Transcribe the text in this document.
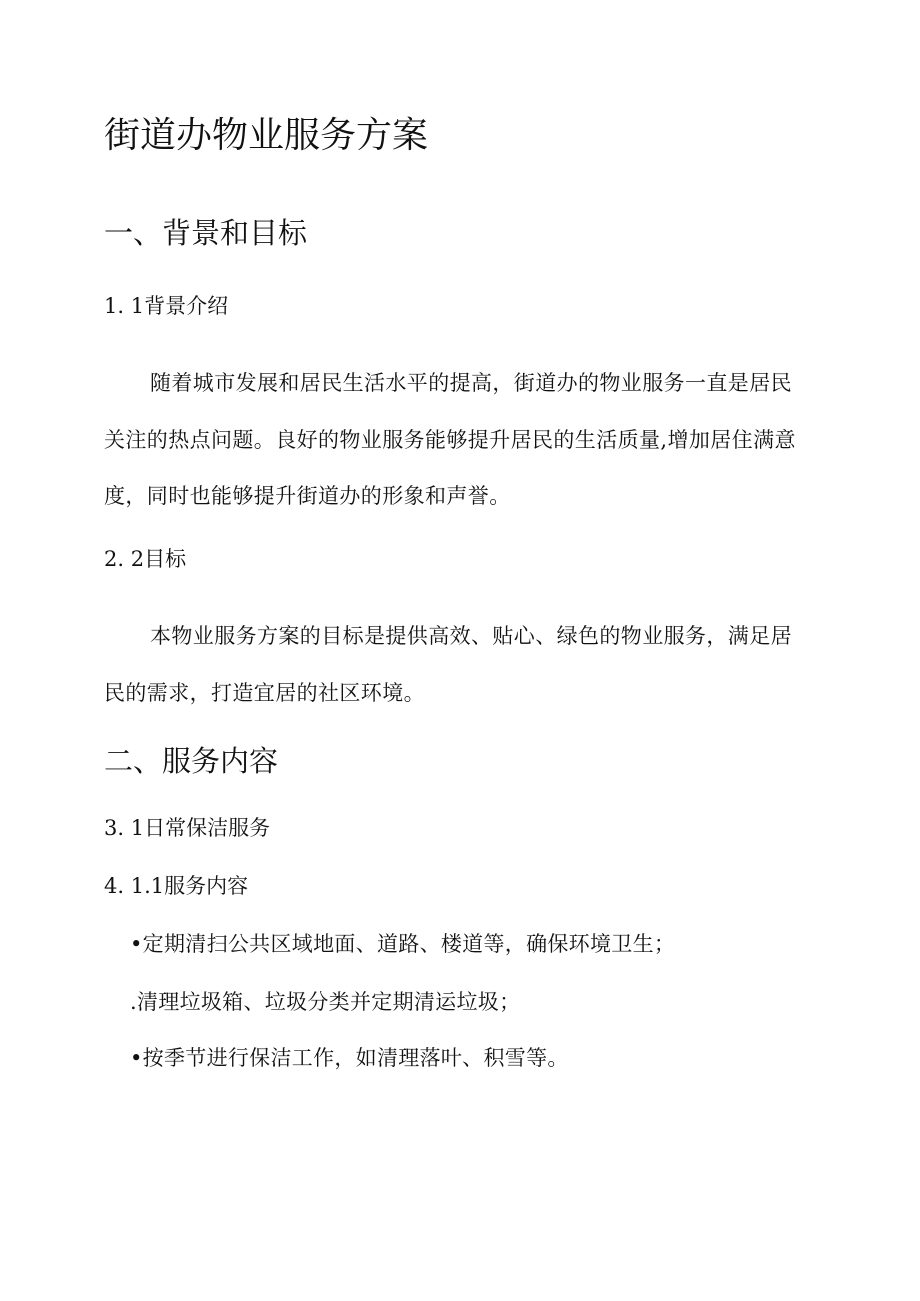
街道办物业服务方案
一、背景和目标
1. 1背景介绍

随着城市发展和居民生活水平的提高，街道办的物业服务一直是居民

关注的热点问题。良好的物业服务能够提升居民的生活质量,增加居住满意

度，同时也能够提升街道办的形象和声誉。

2. 2目标

本物业服务方案的目标是提供高效、贴心、绿色的物业服务，满足居

民的需求，打造宜居的社区环境。

二、服务内容
3. 1日常保洁服务
4. 1.1服务内容

•定期清扫公共区域地面、道路、楼道等，确保环境卫生；

.清理垃圾箱、垃圾分类并定期清运垃圾；

•按季节进行保洁工作，如清理落叶、积雪等。
